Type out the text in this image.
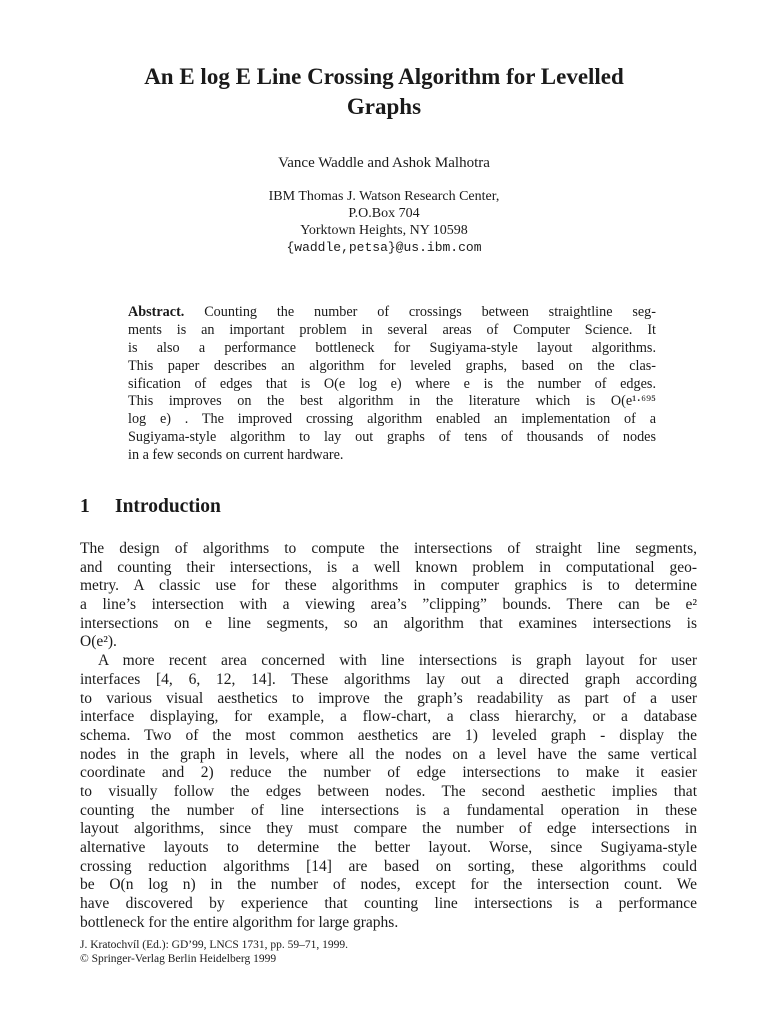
An E log E Line Crossing Algorithm for Levelled
Graphs
Vance Waddle and Ashok Malhotra
IBM Thomas J. Watson Research Center,
P.O.Box 704
Yorktown Heights, NY 10598
{waddle,petsa}@us.ibm.com
Abstract. Counting the number of crossings between straightline seg-
ments is an important problem in several areas of Computer Science. It
is also a performance bottleneck for Sugiyama-style layout algorithms.
This paper describes an algorithm for leveled graphs, based on the clas-
sification of edges that is O(e log e) where e is the number of edges.
This improves on the best algorithm in the literature which is O(e¹·⁶⁹⁵
log e) . The improved crossing algorithm enabled an implementation of a
Sugiyama-style algorithm to lay out graphs of tens of thousands of nodes
in a few seconds on current hardware.
1 Introduction
The design of algorithms to compute the intersections of straight line segments,
and counting their intersections, is a well known problem in computational geo-
metry. A classic use for these algorithms in computer graphics is to determine
a line’s intersection with a viewing area’s ”clipping” bounds. There can be e²
intersections on e line segments, so an algorithm that examines intersections is
O(e²).
A more recent area concerned with line intersections is graph layout for user
interfaces [4, 6, 12, 14]. These algorithms lay out a directed graph according
to various visual aesthetics to improve the graph’s readability as part of a user
interface displaying, for example, a flow-chart, a class hierarchy, or a database
schema. Two of the most common aesthetics are 1) leveled graph - display the
nodes in the graph in levels, where all the nodes on a level have the same vertical
coordinate and 2) reduce the number of edge intersections to make it easier
to visually follow the edges between nodes. The second aesthetic implies that
counting the number of line intersections is a fundamental operation in these
layout algorithms, since they must compare the number of edge intersections in
alternative layouts to determine the better layout. Worse, since Sugiyama-style
crossing reduction algorithms [14] are based on sorting, these algorithms could
be O(n log n) in the number of nodes, except for the intersection count. We
have discovered by experience that counting line intersections is a performance
bottleneck for the entire algorithm for large graphs.
J. Kratochvíl (Ed.): GD’99, LNCS 1731, pp. 59–71, 1999.
© Springer-Verlag Berlin Heidelberg 1999
